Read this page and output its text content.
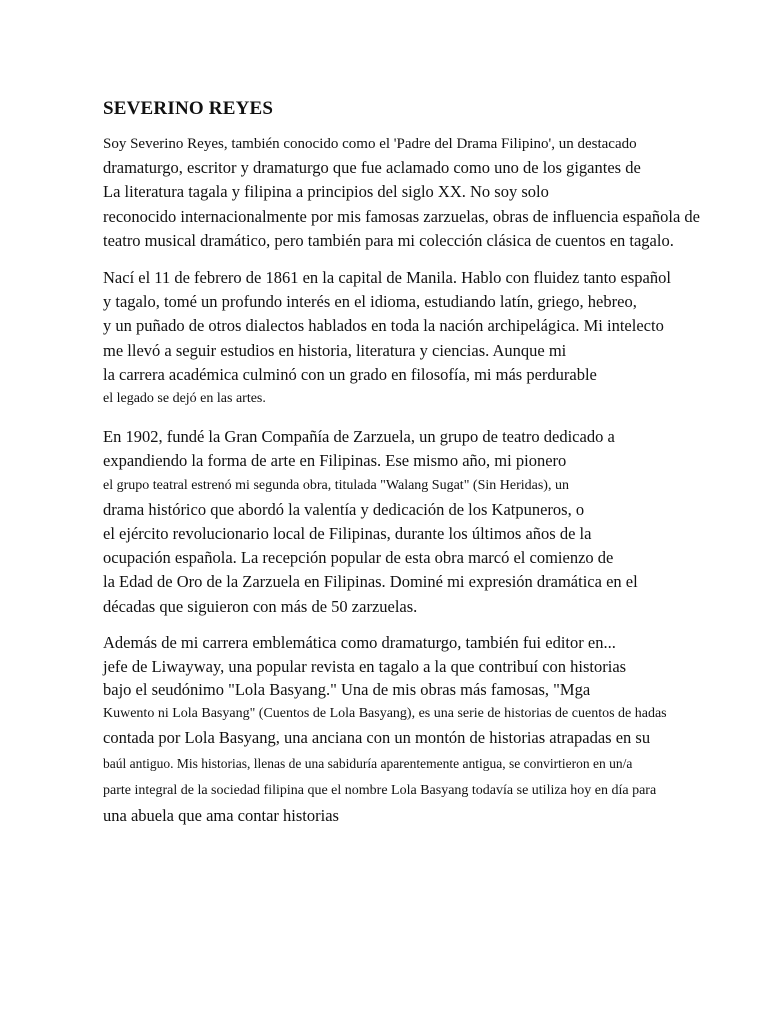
SEVERINO REYES
Soy Severino Reyes, también conocido como el 'Padre del Drama Filipino', un destacado
dramaturgo, escritor y dramaturgo que fue aclamado como uno de los gigantes de
La literatura tagala y filipina a principios del siglo XX. No soy solo
reconocido internacionalmente por mis famosas zarzuelas, obras de influencia española de
teatro musical dramático, pero también para mi colección clásica de cuentos en tagalo.
Nací el 11 de febrero de 1861 en la capital de Manila. Hablo con fluidez tanto español
y tagalo, tomé un profundo interés en el idioma, estudiando latín, griego, hebreo,
y un puñado de otros dialectos hablados en toda la nación archipelágica. Mi intelecto
me llevó a seguir estudios en historia, literatura y ciencias. Aunque mi
la carrera académica culminó con un grado en filosofía, mi más perdurable
el legado se dejó en las artes.
En 1902, fundé la Gran Compañía de Zarzuela, un grupo de teatro dedicado a
expandiendo la forma de arte en Filipinas. Ese mismo año, mi pionero
el grupo teatral estrenó mi segunda obra, titulada "Walang Sugat" (Sin Heridas), un
drama histórico que abordó la valentía y dedicación de los Katpuneros, o
el ejército revolucionario local de Filipinas, durante los últimos años de la
ocupación española. La recepción popular de esta obra marcó el comienzo de
la Edad de Oro de la Zarzuela en Filipinas. Dominé mi expresión dramática en el
décadas que siguieron con más de 50 zarzuelas.
Además de mi carrera emblemática como dramaturgo, también fui editor en...
jefe de Liwayway, una popular revista en tagalo a la que contribuí con historias
bajo el seudónimo "Lola Basyang." Una de mis obras más famosas, "Mga
Kuwento ni Lola Basyang" (Cuentos de Lola Basyang), es una serie de historias de cuentos de hadas
contada por Lola Basyang, una anciana con un montón de historias atrapadas en su
baúl antiguo. Mis historias, llenas de una sabiduría aparentemente antigua, se convirtieron en un/a
parte integral de la sociedad filipina que el nombre Lola Basyang todavía se utiliza hoy en día para
una abuela que ama contar historias
